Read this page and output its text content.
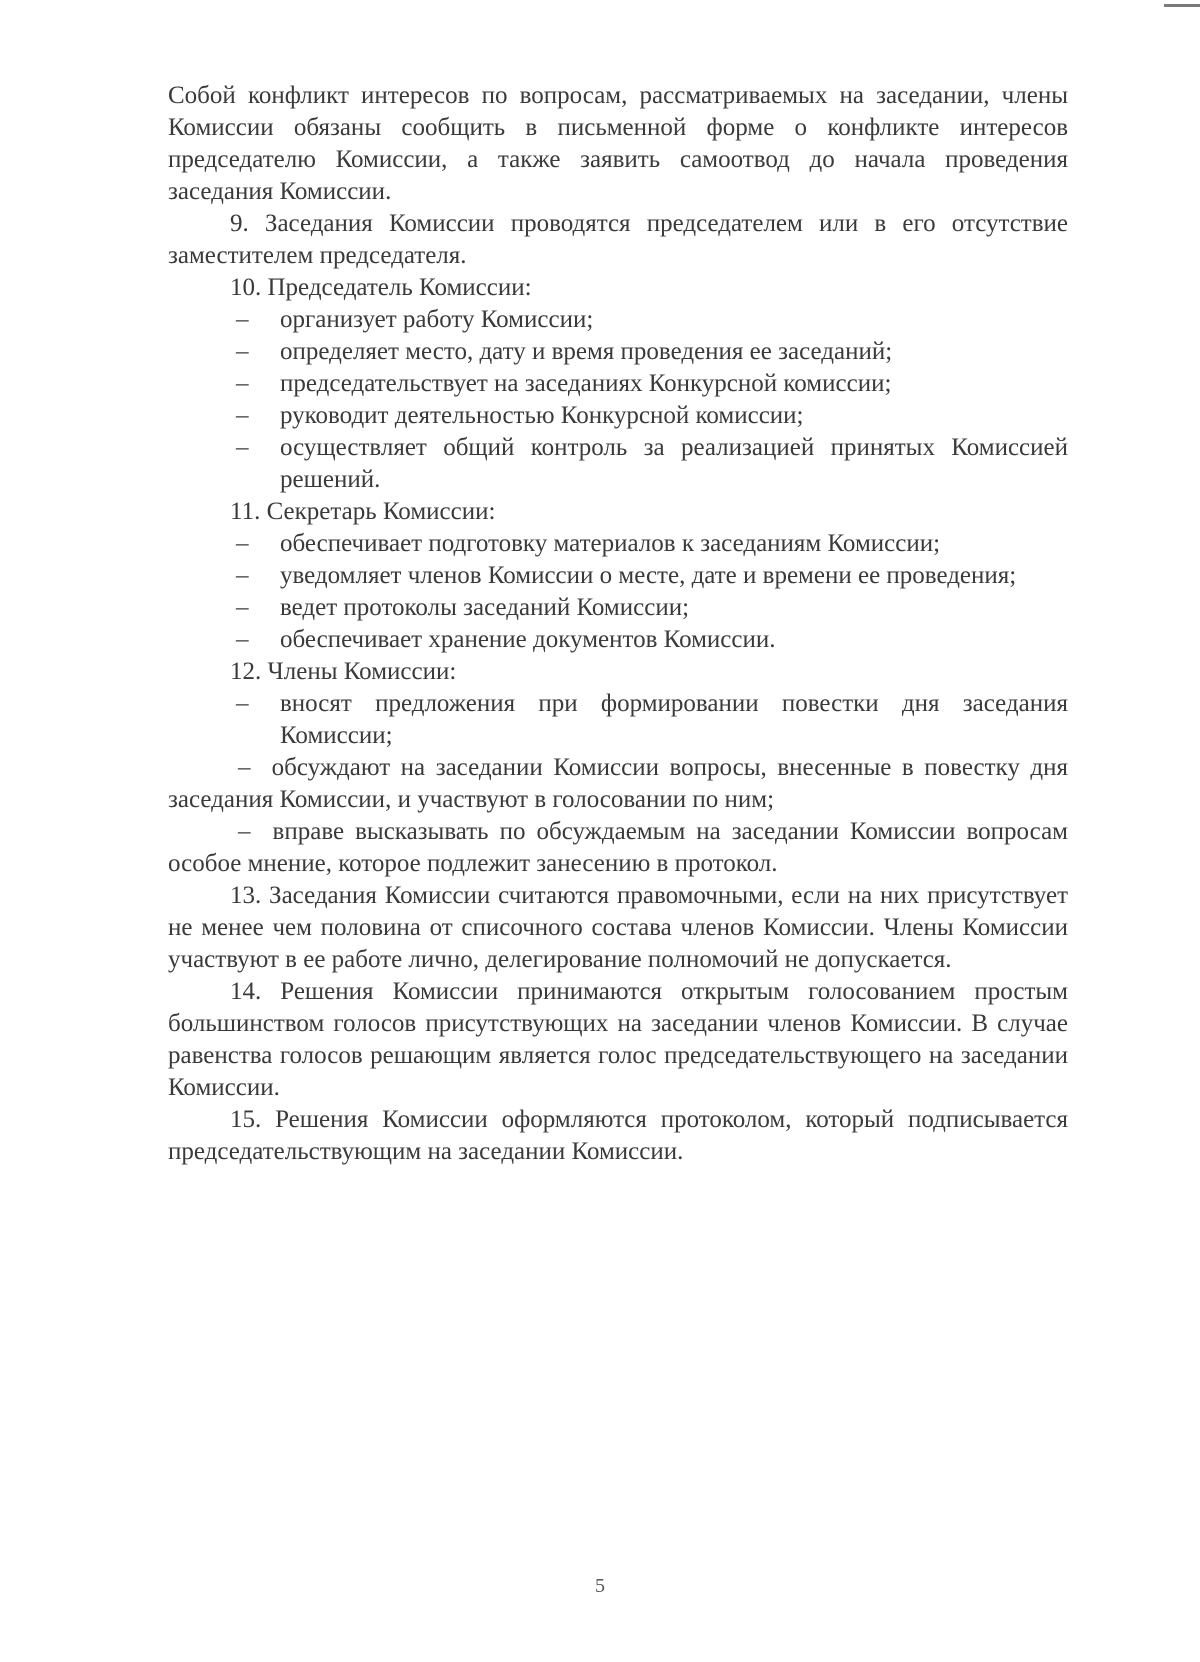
Собой конфликт интересов по вопросам, рассматриваемых на заседании, члены Комиссии обязаны сообщить в письменной форме о конфликте интересов председателю Комиссии, а также заявить самоотвод до начала проведения заседания Комиссии.

9. Заседания Комиссии проводятся председателем или в его отсутствие заместителем председателя.

10. Председатель Комиссии:

– организует работу Комиссии;
– определяет место, дату и время проведения ее заседаний;
– председательствует на заседаниях Конкурсной комиссии;
– руководит деятельностью Конкурсной комиссии;
– осуществляет общий контроль за реализацией принятых Комиссией решений.

11. Секретарь Комиссии:

– обеспечивает подготовку материалов к заседаниям Комиссии;
– уведомляет членов Комиссии о месте, дате и времени ее проведения;
– ведет протоколы заседаний Комиссии;
– обеспечивает хранение документов Комиссии.

12. Члены Комиссии:

– вносят предложения при формировании повестки дня заседания Комиссии;

– обсуждают на заседании Комиссии вопросы, внесенные в повестку дня заседания Комиссии, и участвуют в голосовании по ним;

– вправе высказывать по обсуждаемым на заседании Комиссии вопросам особое мнение, которое подлежит занесению в протокол.

13. Заседания Комиссии считаются правомочными, если на них присутствует не менее чем половина от списочного состава членов Комиссии. Члены Комиссии участвуют в ее работе лично, делегирование полномочий не допускается.

14. Решения Комиссии принимаются открытым голосованием простым большинством голосов присутствующих на заседании членов Комиссии. В случае равенства голосов решающим является голос председательствующего на заседании Комиссии.

15. Решения Комиссии оформляются протоколом, который подписывается председательствующим на заседании Комиссии.

5
